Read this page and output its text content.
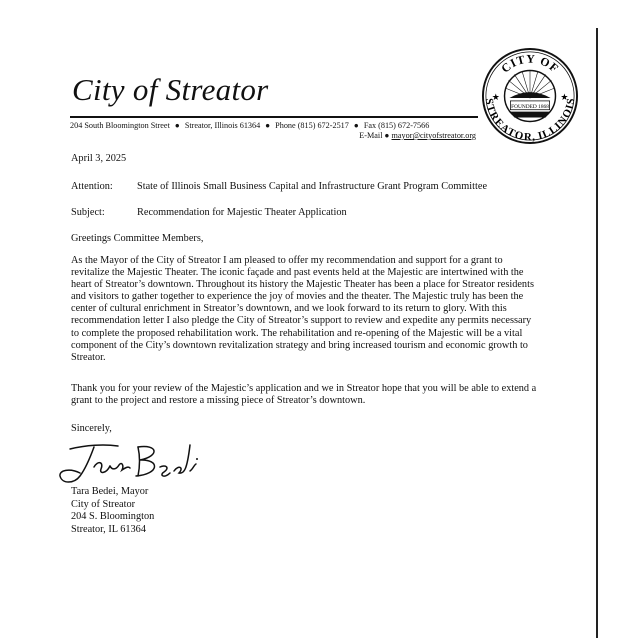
City of Streator
204 South Bloomington Street ● Streator, Illinois 61364 ● Phone (815) 672-2517 ● Fax (815) 672-7566
E-Mail ● mayor@cityofstreator.org
FOUNDED 1868
CITY OF
STREATOR, ILLINOIS
★	★
April 3, 2025
Attention: State of Illinois Small Business Capital and Infrastructure Grant Program Committee
Subject:	Recommendation for Majestic Theater Application
Greetings Committee Members,
As the Mayor of the City of Streator I am pleased to offer my recommendation and support for a grant to revitalize the Majestic Theater. The iconic façade and past events held at the Majestic are intertwined with the heart of Streator’s downtown. Throughout its history the Majestic Theater has been a place for Streator residents and visitors to gather together to experience the joy of movies and the theater. The Majestic truly has been the center of cultural enrichment in Streator’s downtown, and we look forward to its return to glory. With this recommendation letter I also pledge the City of Streator’s support to review and expedite any permits necessary to complete the proposed rehabilitation work. The rehabilitation and re-opening of the Majestic will be a vital component of the City’s downtown revitalization strategy and bring increased tourism and economic growth to Streator.
Thank you for your review of the Majestic’s application and we in Streator hope that you will be able to extend a grant to the project and restore a missing piece of Streator’s downtown.
Sincerely,
Tara Bedei, Mayor
City of Streator
204 S. Bloomington
Streator, IL 61364
